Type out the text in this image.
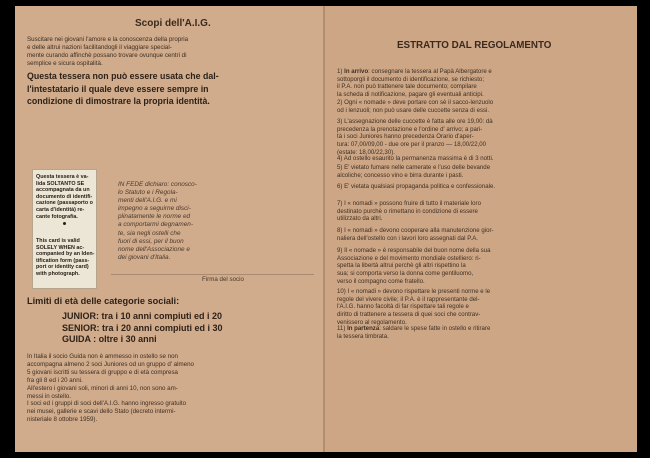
Scopi dell'A.I.G.
Suscitare nei giovani l'amore e la conoscenza della propria
e delle altrui nazioni facilitandogli il viaggiare special-
mente curando affinchè possano trovare ovunque centri di
semplice e sicura ospitalità.
Questa tessera non può essere usata che dal-
l'intestatario il quale deve essere sempre in
condizione di dimostrare la propria identità.
Questa tessera è va-
lida SOLTANTO SE
accompagnata da un
documento di identifi-
cazione (passaporto o
carta d'identità) re-
cante fotografia.
This card is valid
SOLELY WHEN ac-
companied by an Iden-
tification form (pass-
port or identity card)
with photograph.
IN FEDE dichiaro: conosco-
lo Statuto e i Regola-
menti dell'A.I.G. e mi
impegno a seguirne disci-
plinatamente le norme ed
a comportarmi degnamen-
te, sia negli ostelli che
fuori di essi, per il buon
nome dell'Associazione e
dei giovani d'Italia.
Firma del socio
Limiti di età delle categorie sociali:
JUNIOR: tra i 10 anni compiuti ed i 20
SENIOR: tra i 20 anni compiuti ed i 30
GUIDA : oltre i 30 anni
In Italia il socio Guida non è ammesso in ostello se non
accompagna almeno 2 soci Juniores od un gruppo d' almeno
5 giovani iscritti su tessera di gruppo e di età compresa
fra gli 8 ed i 20 anni.
All'estero i giovani soli, minori di anni 10, non sono am-
messi in ostello.
I soci ed i gruppi di soci dell'A.I.G. hanno ingresso gratuito
nei musei, gallerie e scavi dello Stato (decreto intermi-
nisteriale 8 ottobre 1959).
ESTRATTO DAL REGOLAMENTO
1) In arrivo: consegnare la tessera al Papà Albergatore e
sottoporgli il documento di identificazione, se richiesto;
il P.A. non può trattenere tale documento; compilare
la scheda di notificazione, pagare gli eventuali anticipi.
2) Ogni « nomade » deve portare con sè il sacco-lenzuolo
od i lenzuoli; non può usare delle cuccette senza di essi.
3) L'assegnazione delle cuccette è fatta alle ore 19,00: dà
precedenza la prenotazione e l'ordine d' arrivo; a pari-
tà i soci Juniores hanno precedenza Orario d'aper-
tura: 07,00/09,00 - due ore per il pranzo — 18,00/22,00
(estate: 18,00/22,30).
4) Ad ostello esaurito la permanenza massima è di 3 notti.
5) E' vietato fumare nelle camerate e l'uso delle bevande
alcoliche; concesso vino e birra durante i pasti.
6) E' vietata qualsiasi propaganda politica e confessionale.
7) I « nomadi » possono fruire di tutto il materiale loro
destinato purchè o rimettano in condizione di essere
utilizzato da altri.
8) I « nomadi » devono cooperare alla manutenzione gior-
naliera dell'ostello con i lavori loro assegnati dal P.A.
9) Il « nomade » è responsabile del buon nome della sua
Associazione e del movimento mondiale ostelliero: ri-
spetta la libertà altrui perchè gli altri rispettino la
sua; si comporta verso la donna come gentiluomo,
verso il compagno come fratello.
10) I « nomadi » devono rispettare le presenti norme e le
regole del vivere civile; il P.A. è il rappresentante del-
l'A.I.G. hanno facoltà di far rispettare tali regole e
diritto di trattenere a tessera di quei soci che contrav-
venissero al regolamento.
11) In partenza: saldare le spese fatte in ostello e ritirare
la tessera timbrata.
